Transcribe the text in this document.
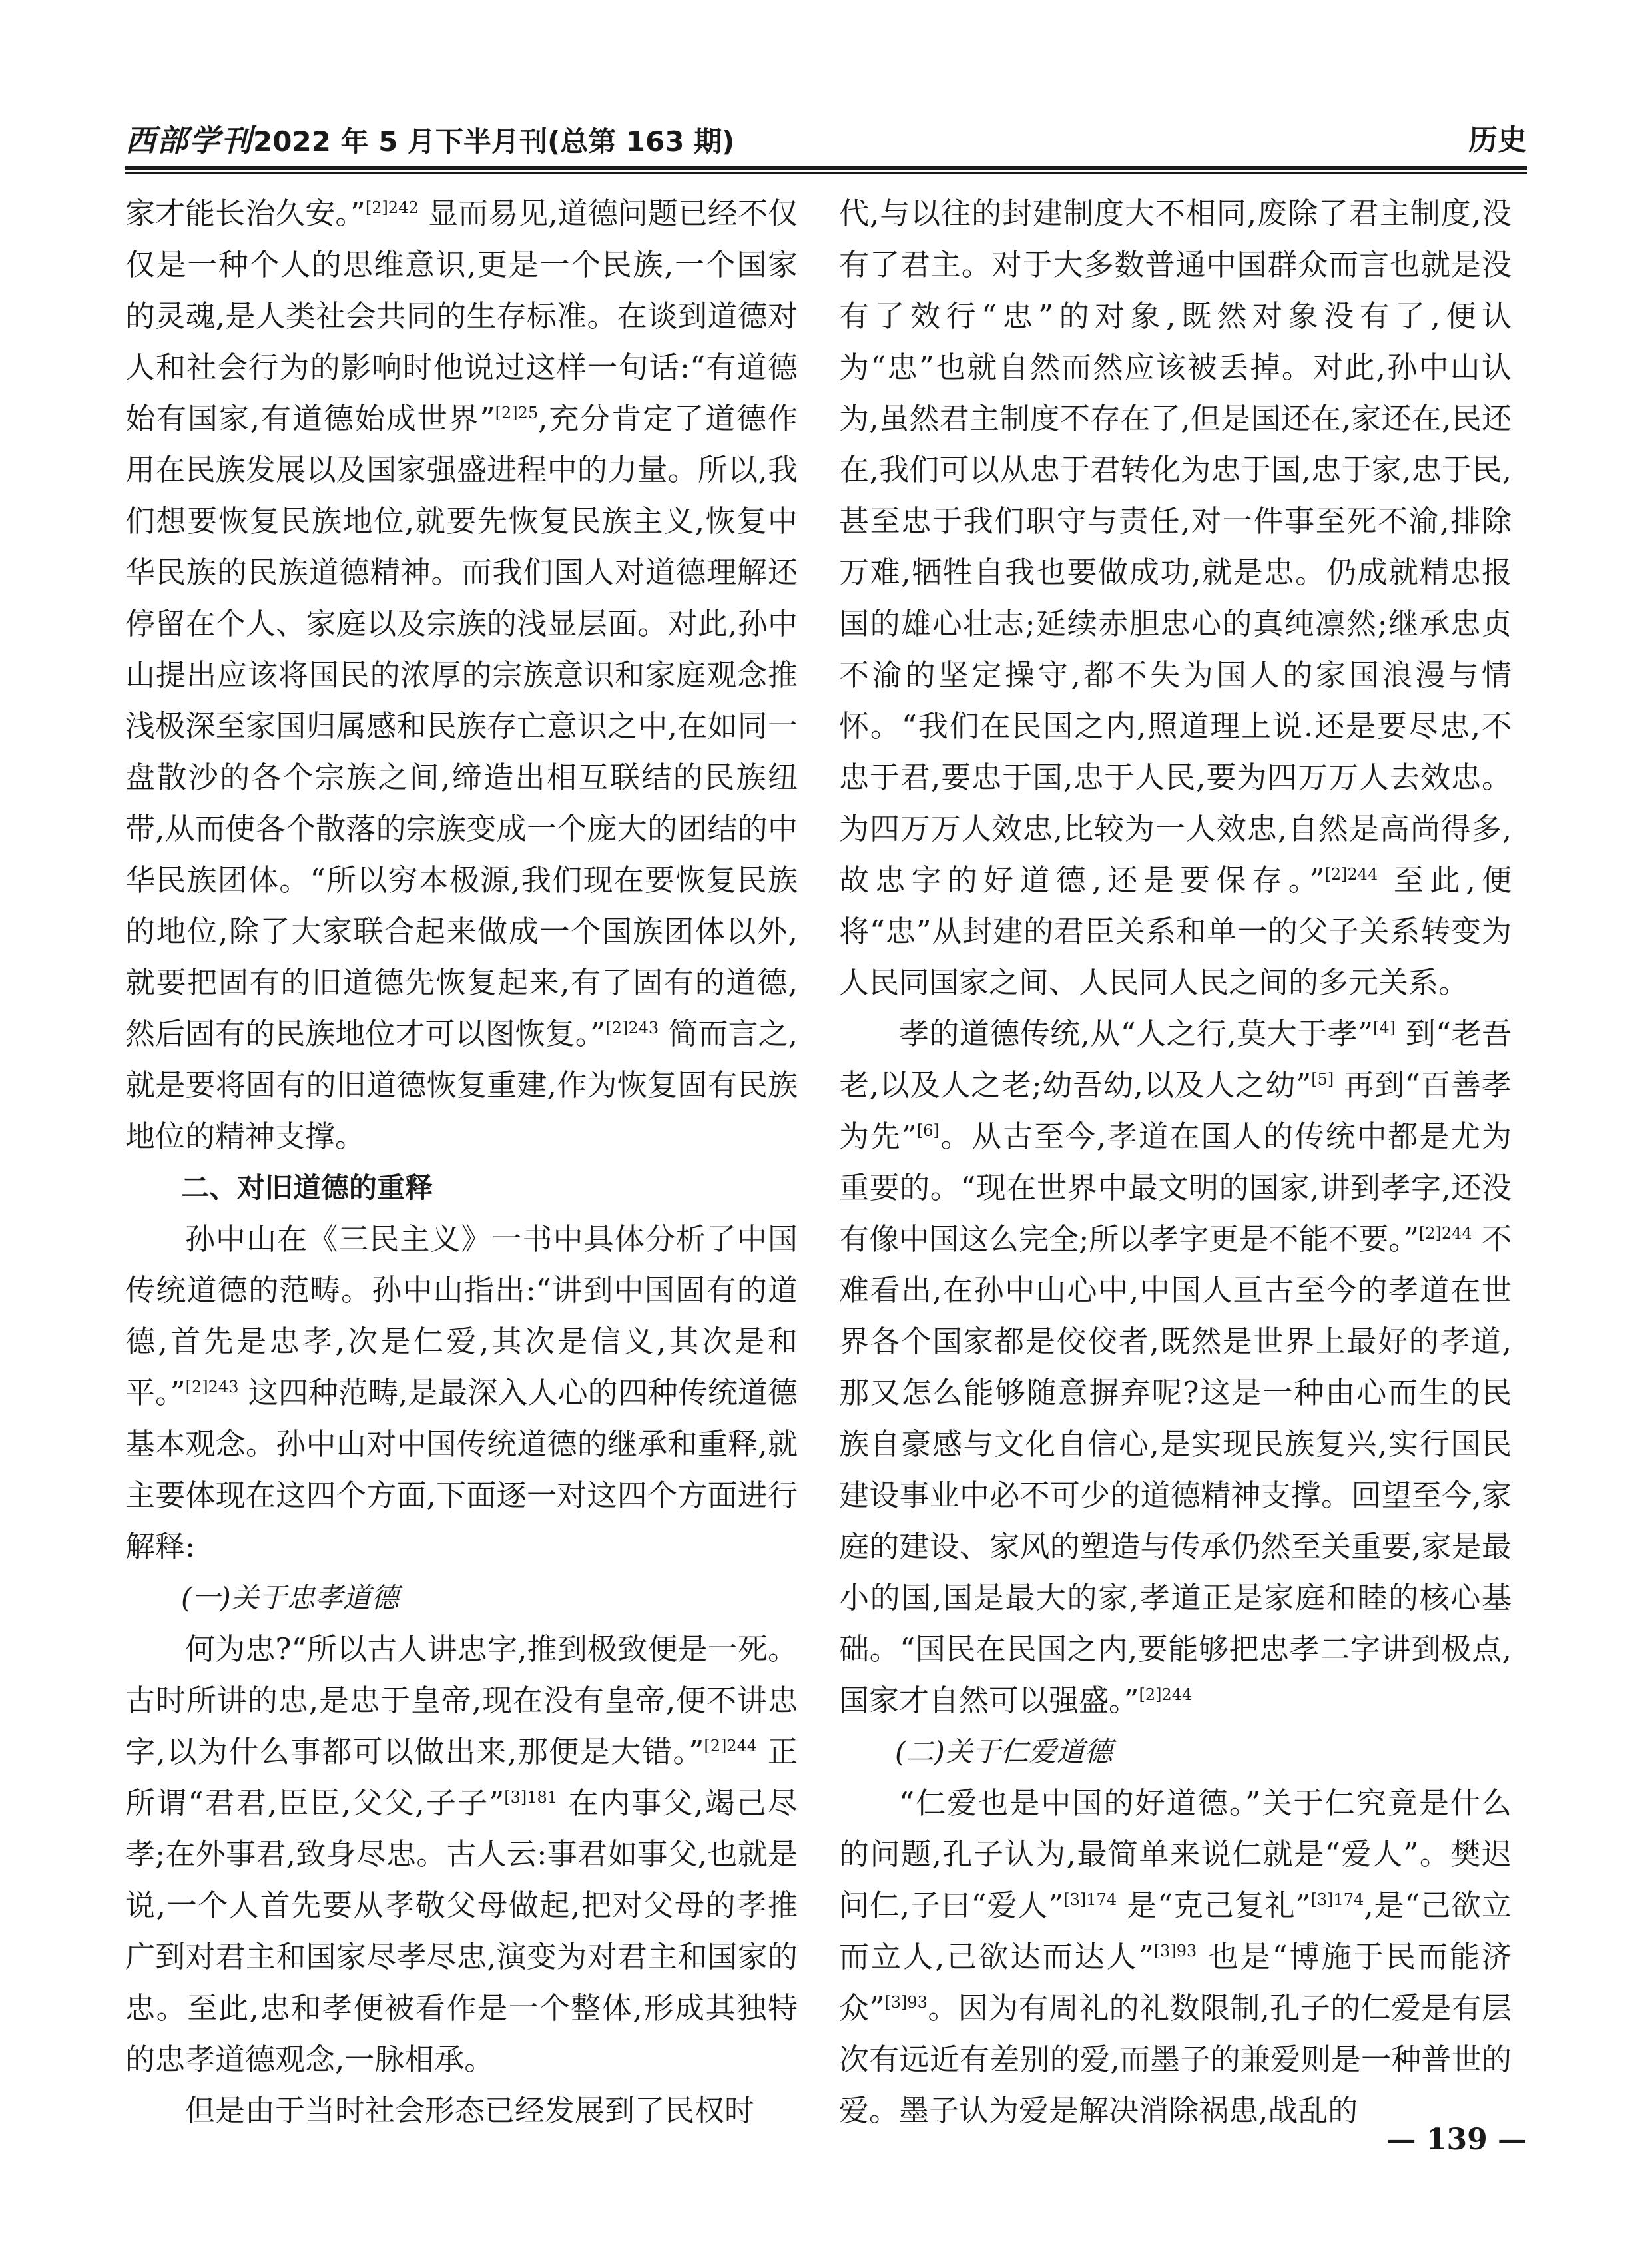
西部学刊2022 年 5 月下半月刊(总第 163 期)	历史

家才能长治久安。”$^{[2]242}$ 显而易见,道德问题已经不仅仅是一种个人的思维意识,更是一个民族,一个国家的灵魂,是人类社会共同的生存标准。在谈到道德对人和社会行为的影响时他说过这样一句话:“有道德始有国家,有道德始成世界”$^{[2]25}$,充分肯定了道德作用在民族发展以及国家强盛进程中的力量。所以,我们想要恢复民族地位,就要先恢复民族主义,恢复中华民族的民族道德精神。而我们国人对道德理解还停留在个人、家庭以及宗族的浅显层面。对此,孙中山提出应该将国民的浓厚的宗族意识和家庭观念推浅极深至家国归属感和民族存亡意识之中,在如同一盘散沙的各个宗族之间,缔造出相互联结的民族纽带,从而使各个散落的宗族变成一个庞大的团结的中华民族团体。“所以穷本极源,我们现在要恢复民族的地位,除了大家联合起来做成一个国族团体以外,就要把固有的旧道德先恢复起来,有了固有的道德,然后固有的民族地位才可以图恢复。”$^{[2]243}$ 简而言之,就是要将固有的旧道德恢复重建,作为恢复固有民族地位的精神支撑。

二、对旧道德的重释

孙中山在《三民主义》一书中具体分析了中国传统道德的范畴。孙中山指出:“讲到中国固有的道德,首先是忠孝,次是仁爱,其次是信义,其次是和平。”$^{[2]243}$ 这四种范畴,是最深入人心的四种传统道德基本观念。孙中山对中国传统道德的继承和重释,就主要体现在这四个方面,下面逐一对这四个方面进行解释:

(一)关于忠孝道德

何为忠?“所以古人讲忠字,推到极致便是一死。古时所讲的忠,是忠于皇帝,现在没有皇帝,便不讲忠字,以为什么事都可以做出来,那便是大错。”$^{[2]244}$ 正所谓“君君,臣臣,父父,子子”$^{[3]181}$ 在内事父,竭己尽孝;在外事君,致身尽忠。古人云:事君如事父,也就是说,一个人首先要从孝敬父母做起,把对父母的孝推广到对君主和国家尽孝尽忠,演变为对君主和国家的忠。至此,忠和孝便被看作是一个整体,形成其独特的忠孝道德观念,一脉相承。

但是由于当时社会形态已经发展到了民权时

代,与以往的封建制度大不相同,废除了君主制度,没有了君主。对于大多数普通中国群众而言也就是没有了效行“忠”的对象,既然对象没有了,便认为“忠”也就自然而然应该被丢掉。对此,孙中山认为,虽然君主制度不存在了,但是国还在,家还在,民还在,我们可以从忠于君转化为忠于国,忠于家,忠于民,甚至忠于我们职守与责任,对一件事至死不渝,排除万难,牺牲自我也要做成功,就是忠。仍成就精忠报国的雄心壮志;延续赤胆忠心的真纯凛然;继承忠贞不渝的坚定操守,都不失为国人的家国浪漫与情怀。“我们在民国之内,照道理上说.还是要尽忠,不忠于君,要忠于国,忠于人民,要为四万万人去效忠。为四万万人效忠,比较为一人效忠,自然是高尚得多,故忠字的好道德,还是要保存。”$^{[2]244}$ 至此,便将“忠”从封建的君臣关系和单一的父子关系转变为人民同国家之间、人民同人民之间的多元关系。

孝的道德传统,从“人之行,莫大于孝”[4] 到“老吾老,以及人之老;幼吾幼,以及人之幼”[5] 再到“百善孝为先”[6]。从古至今,孝道在国人的传统中都是尤为重要的。“现在世界中最文明的国家,讲到孝字,还没有像中国这么完全;所以孝字更是不能不要。”$^{[2]244}$ 不难看出,在孙中山心中,中国人亘古至今的孝道在世界各个国家都是佼佼者,既然是世界上最好的孝道,那又怎么能够随意摒弃呢?这是一种由心而生的民族自豪感与文化自信心,是实现民族复兴,实行国民建设事业中必不可少的道德精神支撑。回望至今,家庭的建设、家风的塑造与传承仍然至关重要,家是最小的国,国是最大的家,孝道正是家庭和睦的核心基础。“国民在民国之内,要能够把忠孝二字讲到极点,国家才自然可以强盛。”$^{[2]244}$

(二)关于仁爱道德

“仁爱也是中国的好道德。”关于仁究竟是什么的问题,孔子认为,最简单来说仁就是“爱人”。樊迟问仁,子曰“爱人”$^{[3]174}$ 是“克己复礼”$^{[3]174}$,是“己欲立而立人,己欲达而达人”$^{[3]93}$ 也是“博施于民而能济众”$^{[3]93}$。因为有周礼的礼数限制,孔子的仁爱是有层次有远近有差别的爱,而墨子的兼爱则是一种普世的爱。墨子认为爱是解决消除祸患,战乱的

— 139 —
